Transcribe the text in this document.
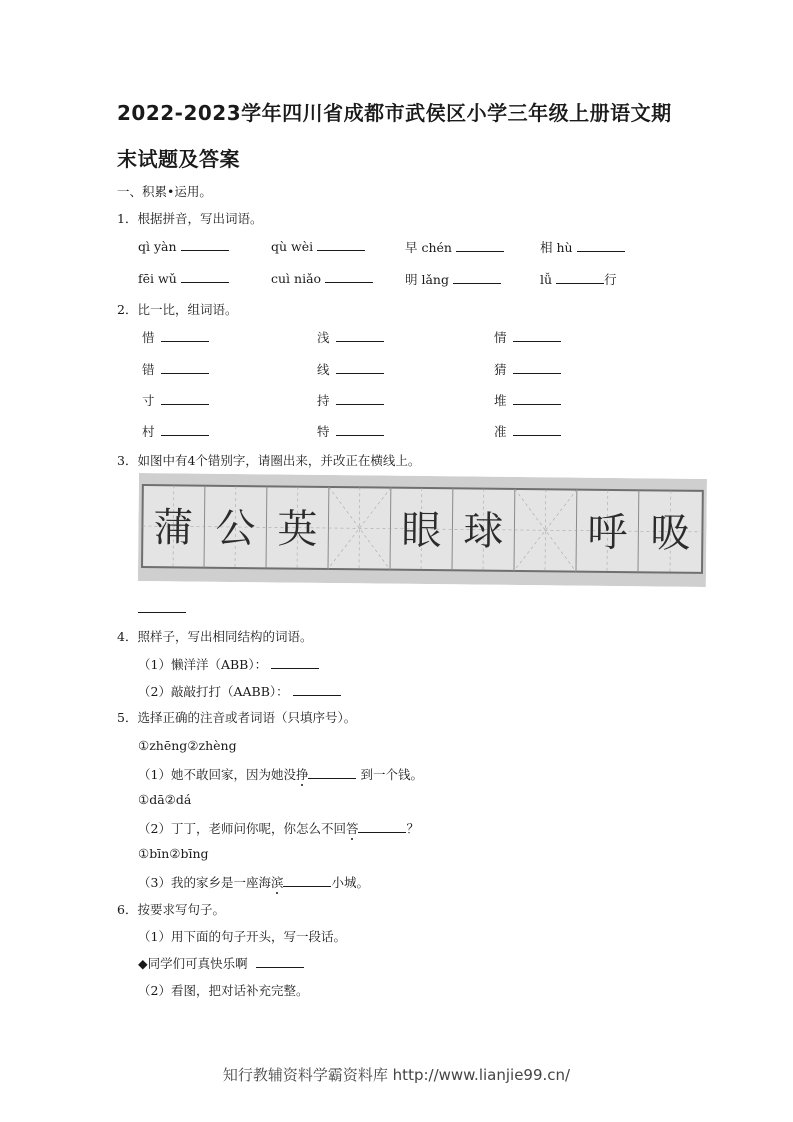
2022-2023学年四川省成都市武侯区小学三年级上册语文期
末试题及答案
一、积累•运用。
1．根据拼音，写出词语。
qì yàn	qù wèi	早 chén	相 hù
fēi wǔ	cuì niǎo	明 lǎng	lǚ	行
2．比一比，组词语。
惜	浅	情
错	线	猜
寸	持	堆
村	特	准
3．如图中有4个错别字，请圈出来，并改正在横线上。
蒲 公 英 眼 球 呼 吸
4．照样子，写出相同结构的词语。
（1）懒洋洋（ABB）：
（2）敲敲打打（AABB）：
5．选择正确的注音或者词语（只填序号）。
①zhēng②zhèng
（1）她不敢回家，因为她没挣	到一个钱。
①dā②dá
（2）丁丁，老师问你呢，你怎么不回答	？
①bīn②bīng
（3）我的家乡是一座海滨	小城。
6．按要求写句子。
（1）用下面的句子开头，写一段话。
◆同学们可真快乐啊
（2）看图，把对话补充完整。
知行教辅资料学霸资料库 http://www.lianjie99.cn/
